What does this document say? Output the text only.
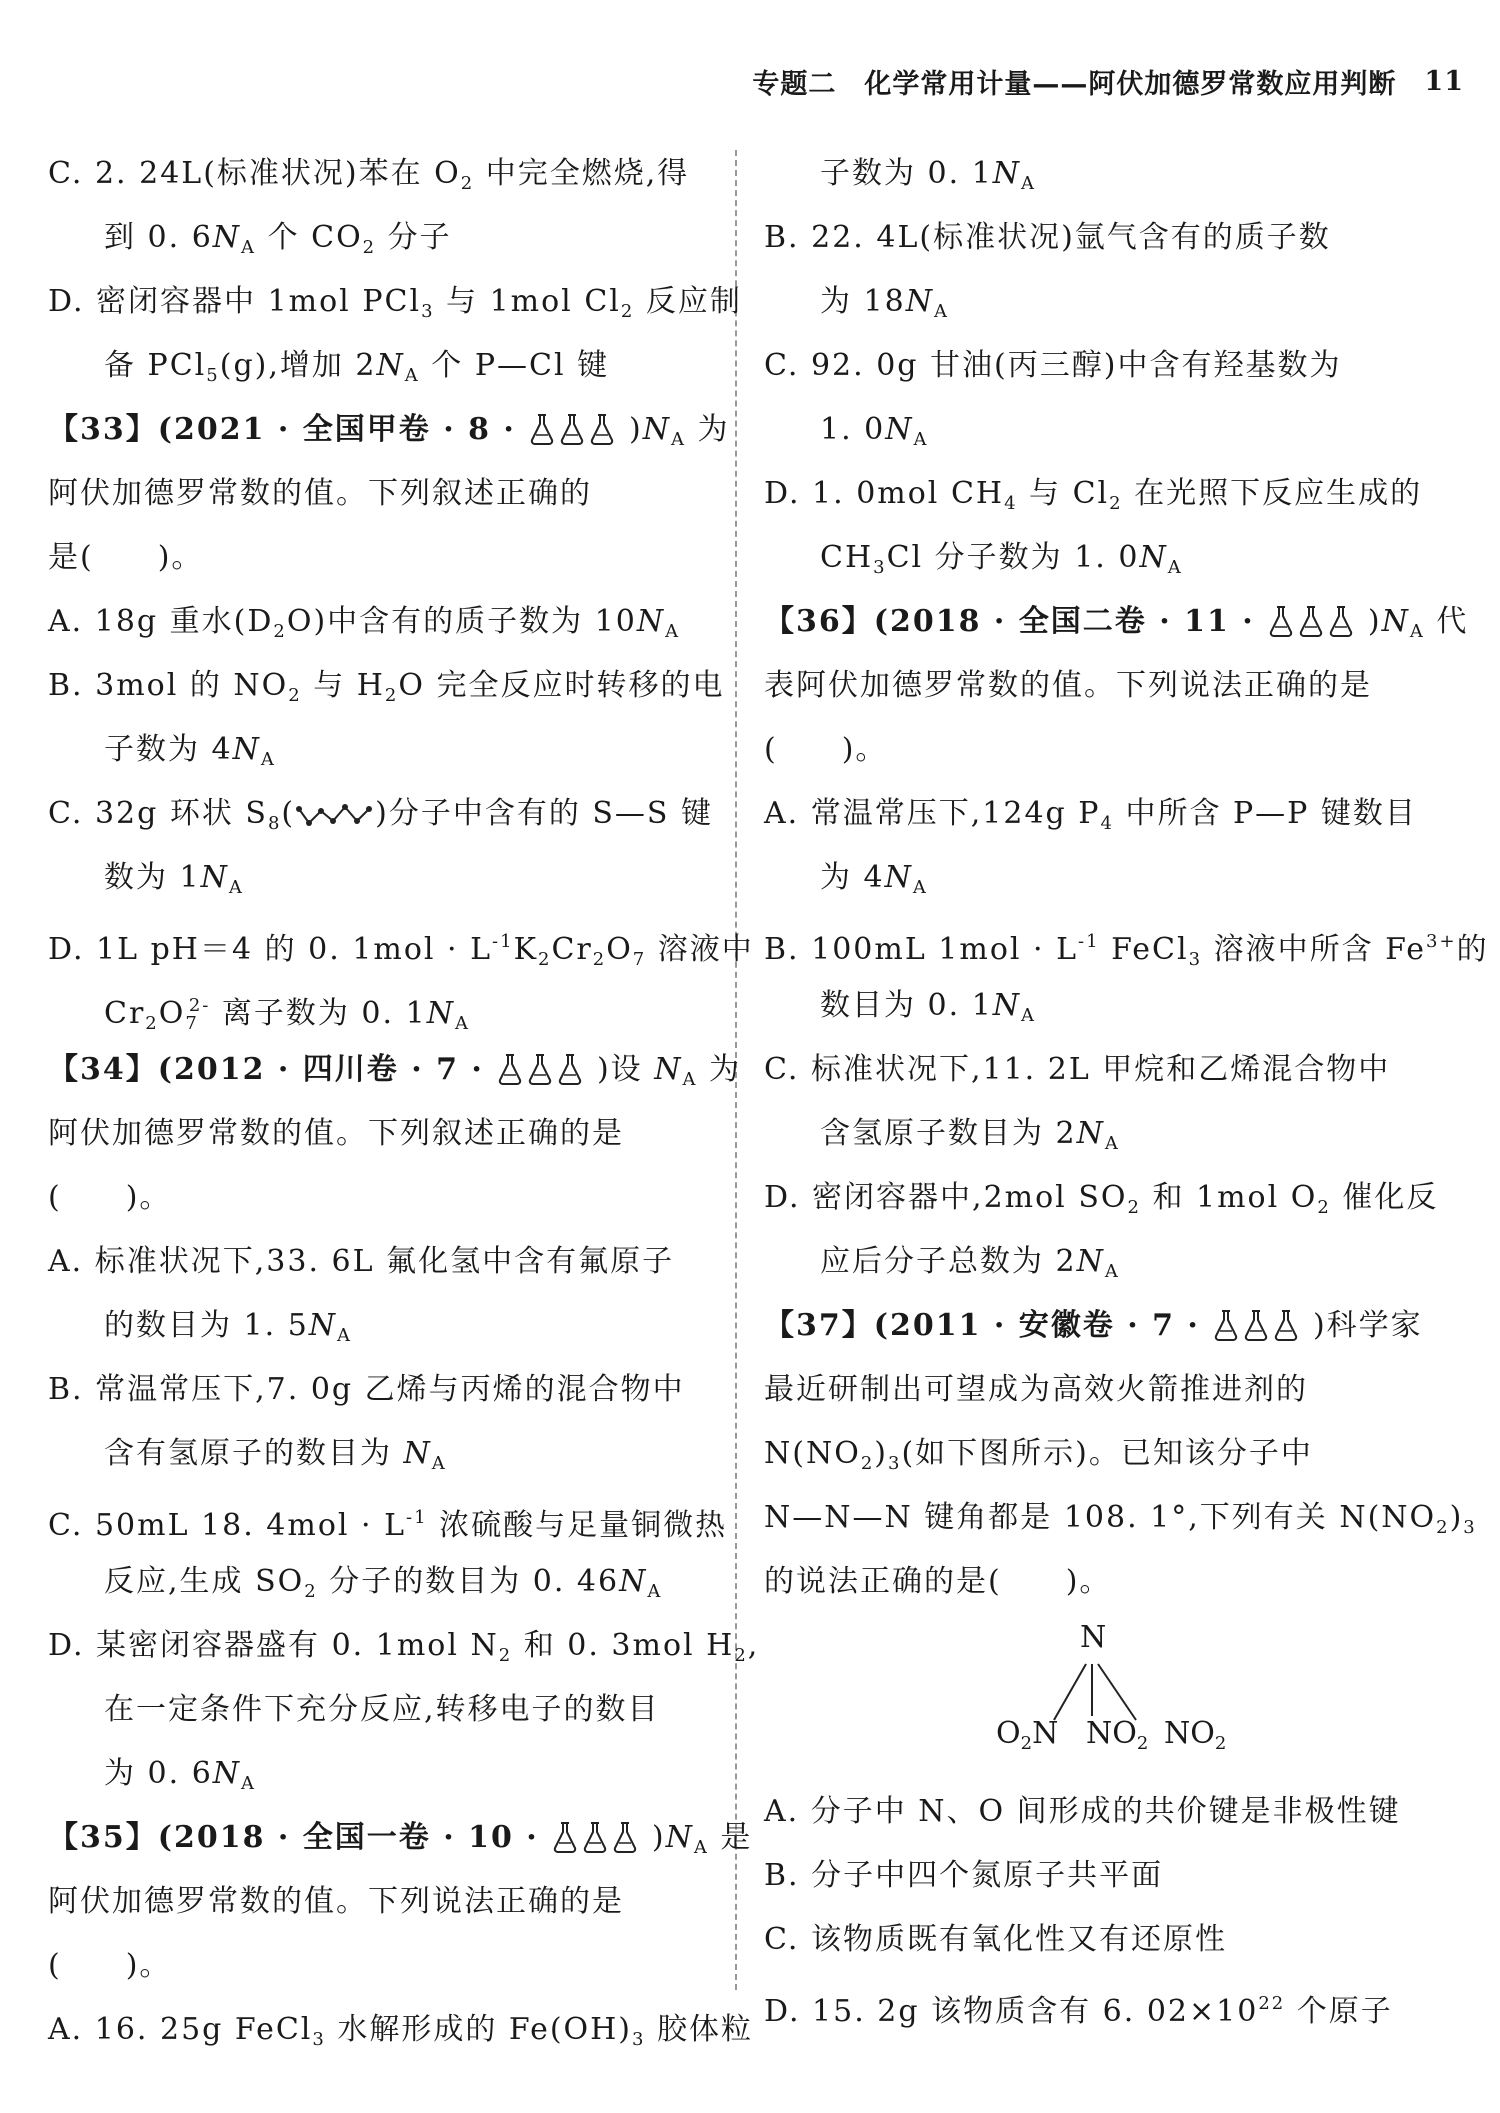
专题二　化学常用计量——阿伏加德罗常数应用判断 11
C. 2. 24L(标准状况)苯在 $O_2$ 中完全燃烧,得
到 0. $6N_A$ 个 $CO_2$ 分子
D. 密闭容器中 1mol PCl$_3$ 与 1mol $Cl_2$ 反应制
备 PCl$_5$(g),增加 $2N_A$ 个 P—Cl 键
【33】(2021 · 全国甲卷 · 8 ·	)$N_A$ 为
阿伏加德罗常数的值。下列叙述正确的
是(　　)。
A. 18g 重水$(D_2O)$中含有的质子数为 $10N_A$
B. 3mol 的 $NO_2$ 与 $H_2O$ 完全反应时转移的电
子数为 $4N_A$
C. 32g 环状 $S_8$(	)分子中含有的 S—S 键
数为 $1N_A$
D. 1L pH＝4 的 0. $1mol \cdot L^{-1}K_2Cr_2O_7$ 溶液中
$Cr_2O_7^{2-}$ 离子数为 0. $1N_A$
【34】(2012 · 四川卷 · 7 ·	)设 $N_A$ 为
阿伏加德罗常数的值。下列叙述正确的是
(　　)。
A. 标准状况下,33. 6L 氟化氢中含有氟原子
的数目为 1. $5N_A$
B. 常温常压下,7. 0g 乙烯与丙烯的混合物中
含有氢原子的数目为 $N_A$
C. 50mL 18. $4mol \cdot L^{-1}$ 浓硫酸与足量铜微热
反应,生成 $SO_2$ 分子的数目为 0. $46N_A$
D. 某密闭容器盛有 0. 1mol $N_2$ 和 0. 3mol $H_2$,
在一定条件下充分反应,转移电子的数目
为 0. $6N_A$
【35】(2018 · 全国一卷 · 10 ·	)$N_A$ 是
阿伏加德罗常数的值。下列说法正确的是
(　　)。
A. 16. 25g FeCl$_3$ 水解形成的 $Fe(OH)_3$ 胶体粒
子数为 0. $1N_A$
B. 22. 4L(标准状况)氩气含有的质子数
为 $18N_A$
C. 92. 0g 甘油(丙三醇)中含有羟基数为
1. $0N_A$
D. 1. 0mol $CH_4$ 与 $Cl_2$ 在光照下反应生成的
$CH_3Cl$ 分子数为 1. $0N_A$
【36】(2018 · 全国二卷 · 11 ·	)$N_A$ 代
表阿伏加德罗常数的值。下列说法正确的是
(　　)。
A. 常温常压下,124g $P_4$ 中所含 P—P 键数目
为 $4N_A$
B. 100mL $1mol \cdot L^{-1}$ FeCl$_3$ 溶液中所含 $Fe^{3+}$的
数目为 0. $1N_A$
C. 标准状况下,11. 2L 甲烷和乙烯混合物中
含氢原子数目为 $2N_A$
D. 密闭容器中,2mol $SO_2$ 和 1mol $O_2$ 催化反
应后分子总数为 $2N_A$
【37】(2011 · 安徽卷 · 7 ·	)科学家
最近研制出可望成为高效火箭推进剂的
$N(NO_2)_3$(如下图所示)。已知该分子中
N—N—N 键角都是 108. 1°,下列有关 $N(NO_2)_3$
的说法正确的是(　　)。
N
$O_2N$ $NO_2$ $NO_2$
A. 分子中 N、O 间形成的共价键是非极性键
B. 分子中四个氮原子共平面
C. 该物质既有氧化性又有还原性
D. 15. 2g 该物质含有 6. $02\times 10^{22}$ 个原子
